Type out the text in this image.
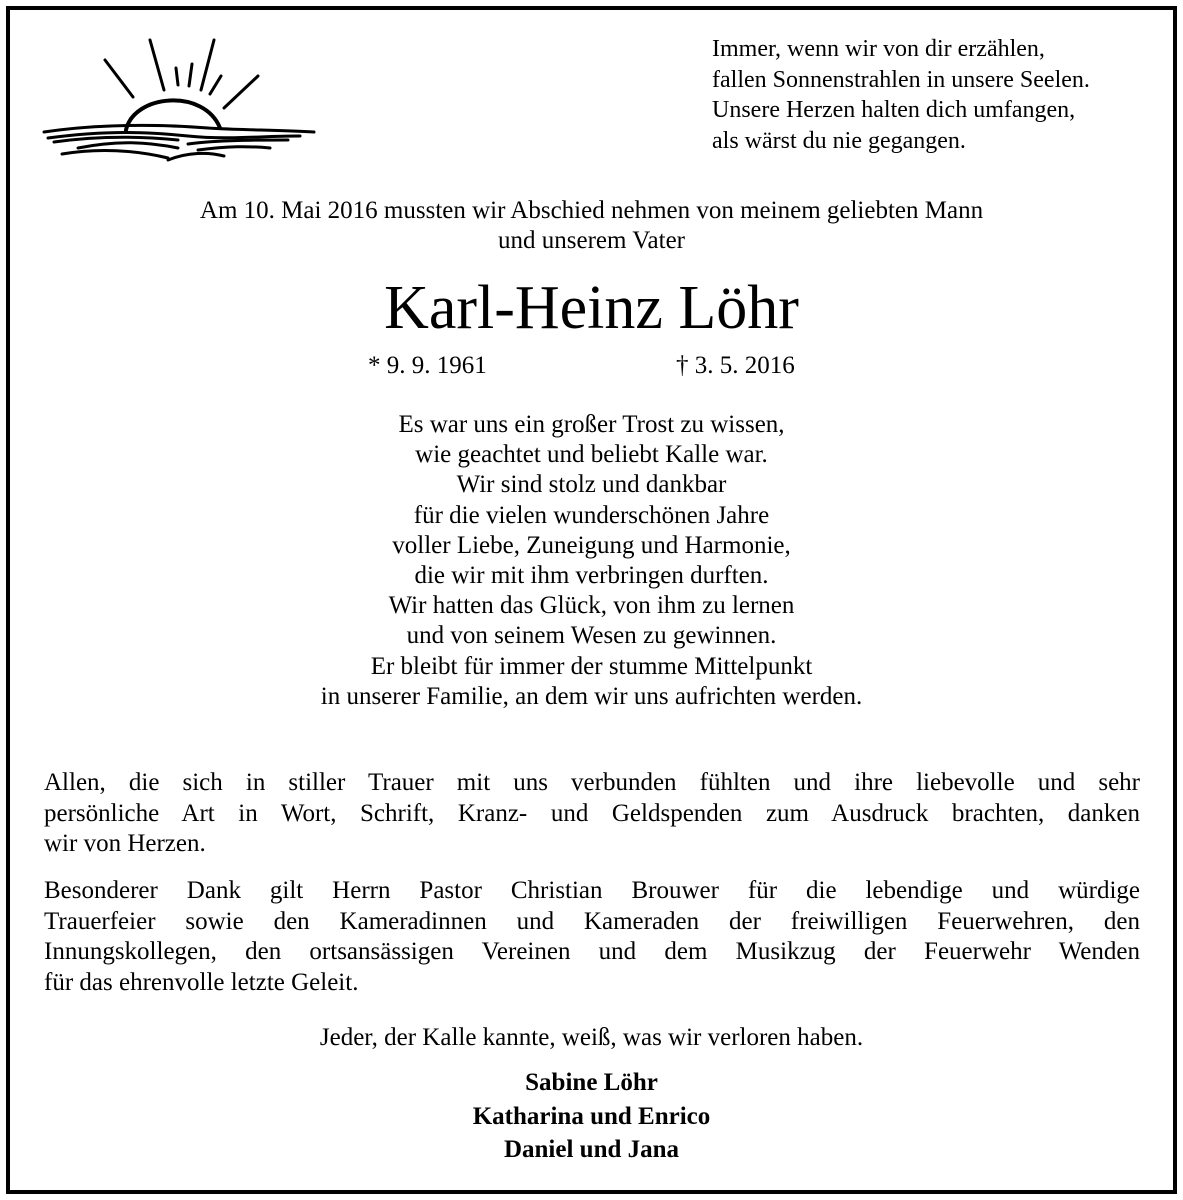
Immer, wenn wir von dir erzählen,
fallen Sonnenstrahlen in unsere Seelen.
Unsere Herzen halten dich umfangen,
als wärst du nie gegangen.
Am 10. Mai 2016 mussten wir Abschied nehmen von meinem geliebten Mann
und unserem Vater
Karl-Heinz Löhr
* 9. 9. 1961	† 3. 5. 2016
Es war uns ein großer Trost zu wissen,
wie geachtet und beliebt Kalle war.
Wir sind stolz und dankbar
für die vielen wunderschönen Jahre
voller Liebe, Zuneigung und Harmonie,
die wir mit ihm verbringen durften.
Wir hatten das Glück, von ihm zu lernen
und von seinem Wesen zu gewinnen.
Er bleibt für immer der stumme Mittelpunkt
in unserer Familie, an dem wir uns aufrichten werden.
Allen, die sich in stiller Trauer mit uns verbunden fühlten und ihre liebevolle und sehr
persönliche Art in Wort, Schrift, Kranz- und Geldspenden zum Ausdruck brachten, danken
wir von Herzen.
Besonderer Dank gilt Herrn Pastor Christian Brouwer für die lebendige und würdige
Trauerfeier sowie den Kameradinnen und Kameraden der freiwilligen Feuerwehren, den
Innungskollegen, den ortsansässigen Vereinen und dem Musikzug der Feuerwehr Wenden
für das ehrenvolle letzte Geleit.
Jeder, der Kalle kannte, weiß, was wir verloren haben.
Sabine Löhr
Katharina und Enrico
Daniel und Jana
